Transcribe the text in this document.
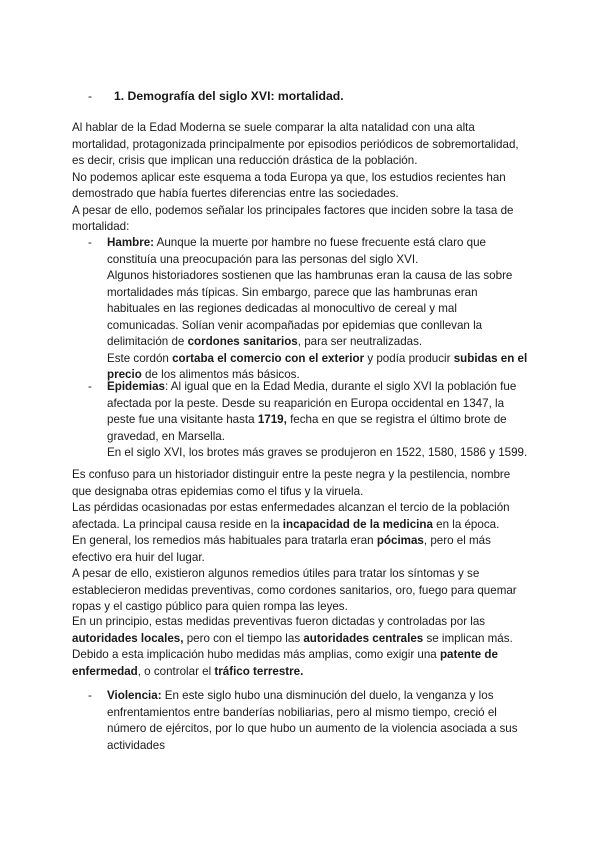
- 1. Demografía del siglo XVI: mortalidad.

Al hablar de la Edad Moderna se suele comparar la alta natalidad con una alta mortalidad, protagonizada principalmente por episodios periódicos de sobremortalidad, es decir, crisis que implican una reducción drástica de la población.

No podemos aplicar este esquema a toda Europa ya que, los estudios recientes han demostrado que había fuertes diferencias entre las sociedades.

A pesar de ello, podemos señalar los principales factores que inciden sobre la tasa de mortalidad:

- Hambre: Aunque la muerte por hambre no fuese frecuente está claro que constituía una preocupación para las personas del siglo XVI.

Algunos historiadores sostienen que las hambrunas eran la causa de las sobre mortalidades más típicas. Sin embargo, parece que las hambrunas eran habituales en las regiones dedicadas al monocultivo de cereal y mal comunicadas. Solían venir acompañadas por epidemias que conllevan la delimitación de cordones sanitarios, para ser neutralizadas.

Este cordón cortaba el comercio con el exterior y podía producir subidas en el precio de los alimentos más básicos.

- Epidemias: Al igual que en la Edad Media, durante el siglo XVI la población fue afectada por la peste. Desde su reaparición en Europa occidental en 1347, la peste fue una visitante hasta 1719, fecha en que se registra el último brote de gravedad, en Marsella.

En el siglo XVI, los brotes más graves se produjeron en 1522, 1580, 1586 y 1599.

Es confuso para un historiador distinguir entre la peste negra y la pestilencia, nombre que designaba otras epidemias como el tifus y la viruela.

Las pérdidas ocasionadas por estas enfermedades alcanzan el tercio de la población afectada. La principal causa reside en la incapacidad de la medicina en la época.

En general, los remedios más habituales para tratarla eran pócimas, pero el más efectivo era huir del lugar.

A pesar de ello, existieron algunos remedios útiles para tratar los síntomas y se establecieron medidas preventivas, como cordones sanitarios, oro, fuego para quemar ropas y el castigo público para quien rompa las leyes.

En un principio, estas medidas preventivas fueron dictadas y controladas por las autoridades locales, pero con el tiempo las autoridades centrales se implican más.

Debido a esta implicación hubo medidas más amplias, como exigir una patente de enfermedad, o controlar el tráfico terrestre.

- Violencia: En este siglo hubo una disminución del duelo, la venganza y los enfrentamientos entre banderías nobiliarias, pero al mismo tiempo, creció el número de ejércitos, por lo que hubo un aumento de la violencia asociada a sus actividades
